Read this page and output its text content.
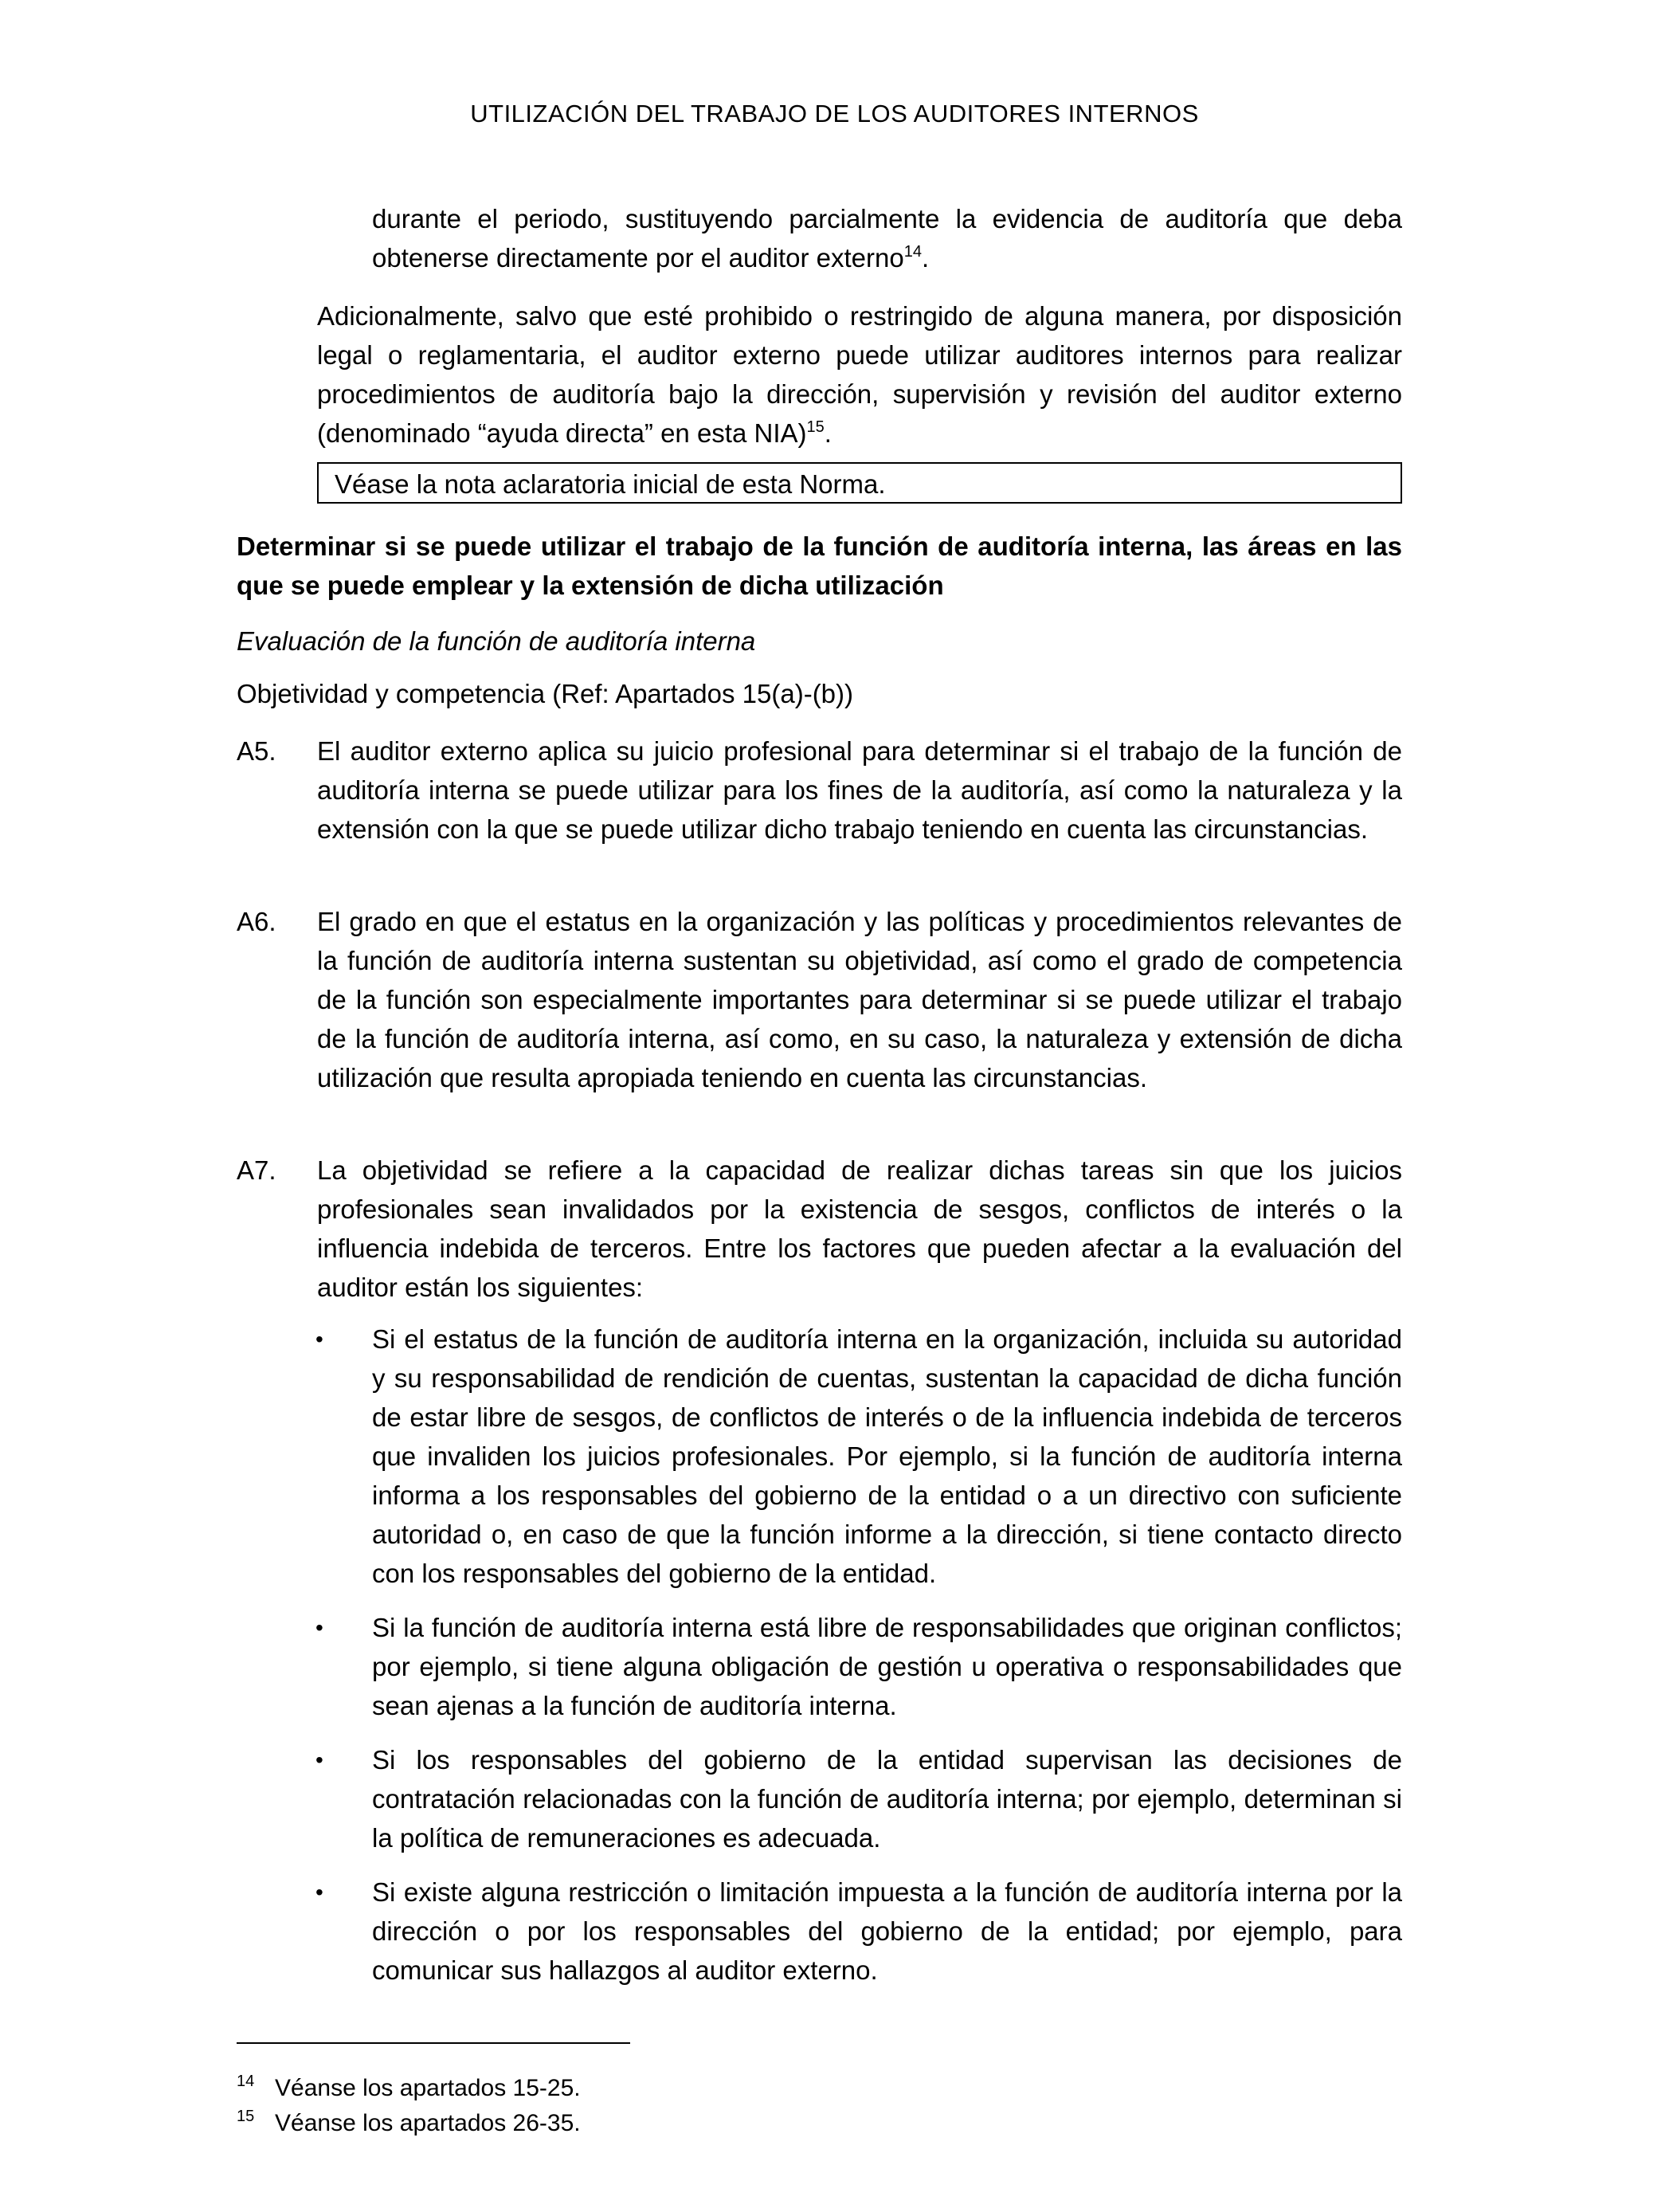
UTILIZACIÓN DEL TRABAJO DE LOS AUDITORES INTERNOS

durante el periodo, sustituyendo parcialmente la evidencia de auditoría que deba obtenerse directamente por el auditor externo$^{14}$.

Adicionalmente, salvo que esté prohibido o restringido de alguna manera, por disposición legal o reglamentaria, el auditor externo puede utilizar auditores internos para realizar procedimientos de auditoría bajo la dirección, supervisión y revisión del auditor externo (denominado “ayuda directa” en esta NIA)$^{15}$.

Véase la nota aclaratoria inicial de esta Norma.
Determinar si se puede utilizar el trabajo de la función de auditoría interna, las áreas en las que se puede emplear y la extensión de dicha utilización
Evaluación de la función de auditoría interna
Objetividad y competencia (Ref: Apartados 15(a)-(b))
A5. El auditor externo aplica su juicio profesional para determinar si el trabajo de la función de auditoría interna se puede utilizar para los fines de la auditoría, así como la naturaleza y la extensión con la que se puede utilizar dicho trabajo teniendo en cuenta las circunstancias.
A6. El grado en que el estatus en la organización y las políticas y procedimientos relevantes de la función de auditoría interna sustentan su objetividad, así como el grado de competencia de la función son especialmente importantes para determinar si se puede utilizar el trabajo de la función de auditoría interna, así como, en su caso, la naturaleza y extensión de dicha utilización que resulta apropiada teniendo en cuenta las circunstancias.
A7. La objetividad se refiere a la capacidad de realizar dichas tareas sin que los juicios profesionales sean invalidados por la existencia de sesgos, conflictos de interés o la influencia indebida de terceros. Entre los factores que pueden afectar a la evaluación del auditor están los siguientes:
• Si el estatus de la función de auditoría interna en la organización, incluida su autoridad y su responsabilidad de rendición de cuentas, sustentan la capacidad de dicha función de estar libre de sesgos, de conflictos de interés o de la influencia indebida de terceros que invaliden los juicios profesionales. Por ejemplo, si la función de auditoría interna informa a los responsables del gobierno de la entidad o a un directivo con suficiente autoridad o, en caso de que la función informe a la dirección, si tiene contacto directo con los responsables del gobierno de la entidad.
• Si la función de auditoría interna está libre de responsabilidades que originan conflictos; por ejemplo, si tiene alguna obligación de gestión u operativa o responsabilidades que sean ajenas a la función de auditoría interna.
• Si los responsables del gobierno de la entidad supervisan las decisiones de contratación relacionadas con la función de auditoría interna; por ejemplo, determinan si la política de remuneraciones es adecuada.
• Si existe alguna restricción o limitación impuesta a la función de auditoría interna por la dirección o por los responsables del gobierno de la entidad; por ejemplo, para comunicar sus hallazgos al auditor externo.
14 Véanse los apartados 15-25.
15 Véanse los apartados 26-35.
